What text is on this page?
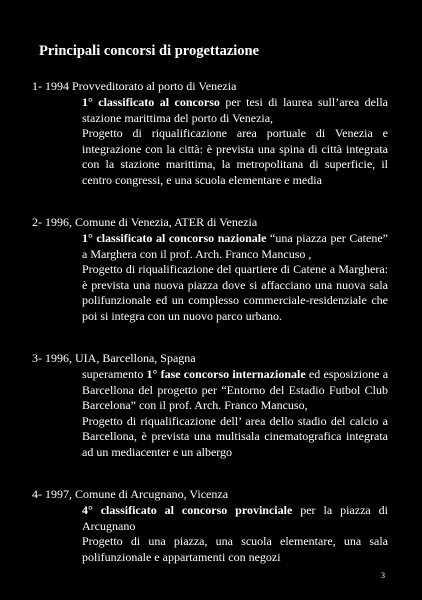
Principali concorsi di progettazione
1- 1994 Provveditorato al porto di Venezia

1° classificato al concorso per tesi di laurea sull’area della stazione marittima del porto di Venezia,

Progetto di riqualificazione area portuale di Venezia e integrazione con la città: è prevista una spina di città integrata con la stazione marittima, la metropolitana di superficie, il centro congressi, e una scuola elementare e media

2- 1996, Comune di Venezia, ATER di Venezia

1° classificato al concorso nazionale “una piazza per Catene” a Marghera con il prof. Arch. Franco Mancuso ,

Progetto di riqualificazione del quartiere di Catene a Marghera: è prevista una nuova piazza dove si affacciano una nuova sala polifunzionale ed un complesso commerciale-residenziale che poi si integra con un nuovo parco urbano.

3- 1996, UIA, Barcellona, Spagna

superamento 1° fase concorso internazionale ed esposizione a Barcellona del progetto per “Entorno del Estadio Futbol Club Barcelona” con il prof. Arch. Franco Mancuso,

Progetto di riqualificazione dell’ area dello stadio del calcio a Barcellona, è prevista una multisala cinematografica integrata ad un mediacenter e un albergo

4- 1997, Comune di Arcugnano, Vicenza

4° classificato al concorso provinciale per la piazza di Arcugnano

Progetto di una piazza, una scuola elementare, una sala polifunzionale e appartamenti con negozi

3
